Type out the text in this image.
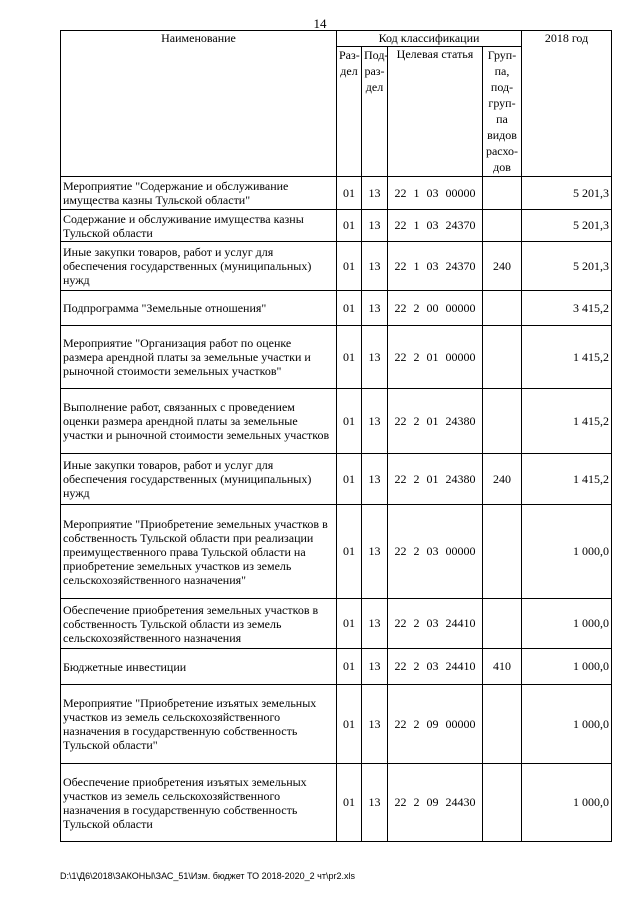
14
Наименование	Код классификации				2018 год
	Раз- дел	Под- раз- дел	Целевая статья	Груп- па, под- груп- па видов расхо- дов	
Мероприятие "Содержание и обслуживание имущества казны Тульской области"	01	13	22 1 03 00000		5 201,3
Содержание и обслуживание имущества казны Тульской области	01	13	22 1 03 24370		5 201,3
Иные закупки товаров, работ и услуг для обеспечения государственных (муниципальных) нужд	01	13	22 1 03 24370	240	5 201,3
Подпрограмма "Земельные отношения"	01	13	22 2 00 00000		3 415,2
Мероприятие "Организация работ по оценке размера арендной платы за земельные участки и рыночной стоимости земельных участков"	01	13	22 2 01 00000		1 415,2
Выполнение работ, связанных с проведением оценки размера арендной платы за земельные участки и рыночной стоимости земельных участков	01	13	22 2 01 24380		1 415,2
Иные закупки товаров, работ и услуг для обеспечения государственных (муниципальных) нужд	01	13	22 2 01 24380	240	1 415,2
Мероприятие "Приобретение земельных участков в собственность Тульской области при реализации преимущественного права Тульской области на приобретение земельных участков из земель сельскохозяйственного назначения"	01	13	22 2 03 00000		1 000,0
Обеспечение приобретения земельных участков в собственность Тульской области из земель сельскохозяйственного назначения	01	13	22 2 03 24410		1 000,0
Бюджетные инвестиции	01	13	22 2 03 24410	410	1 000,0
Мероприятие "Приобретение изъятых земельных участков из земель сельскохозяйственного назначения в государственную собственность Тульской области"	01	13	22 2 09 00000		1 000,0
Обеспечение приобретения изъятых земельных участков из земель сельскохозяйственного назначения в государственную собственность Тульской области	01	13	22 2 09 24430		1 000,0
D:\1\Д6\2018\ЗАКОНЫ\ЗАС_51\Изм. бюджет ТО 2018-2020_2 чт\pr2.xls
